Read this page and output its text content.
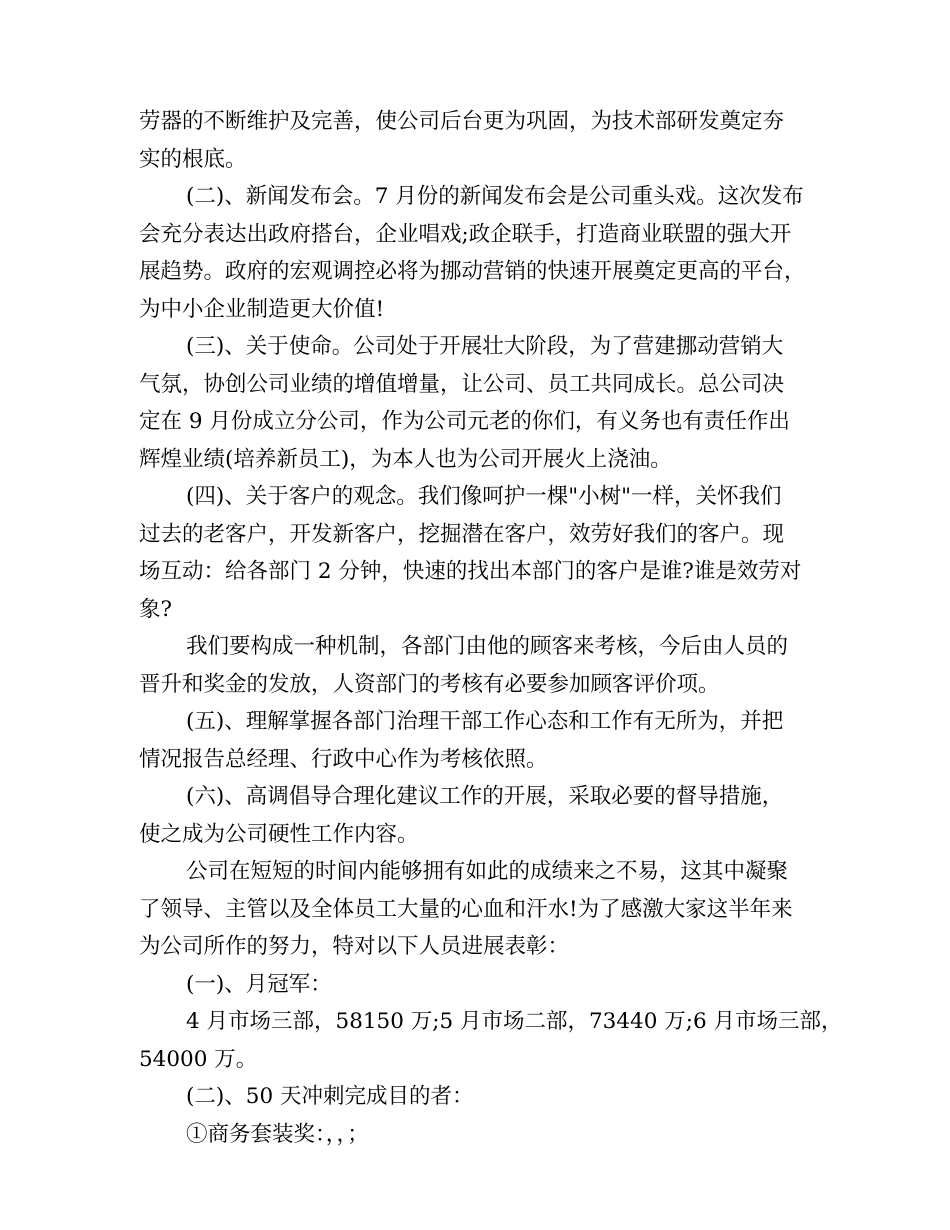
劳器的不断维护及完善，使公司后台更为巩固，为技术部研发奠定夯
实的根底。
(二)、新闻发布会。7 月份的新闻发布会是公司重头戏。这次发布
会充分表达出政府搭台，企业唱戏;政企联手，打造商业联盟的强大开
展趋势。政府的宏观调控必将为挪动营销的快速开展奠定更高的平台，
为中小企业制造更大价值!
(三)、关于使命。公司处于开展壮大阶段，为了营建挪动营销大
气氛，协创公司业绩的增值增量，让公司、员工共同成长。总公司决
定在 9 月份成立分公司，作为公司元老的你们，有义务也有责任作出
辉煌业绩(培养新员工)，为本人也为公司开展火上浇油。
(四)、关于客户的观念。我们像呵护一棵"小树"一样，关怀我们
过去的老客户，开发新客户，挖掘潜在客户，效劳好我们的客户。现
场互动：给各部门 2 分钟，快速的找出本部门的客户是谁?谁是效劳对
象?
我们要构成一种机制，各部门由他的顾客来考核，今后由人员的
晋升和奖金的发放，人资部门的考核有必要参加顾客评价项。
(五)、理解掌握各部门治理干部工作心态和工作有无所为，并把
情况报告总经理、行政中心作为考核依照。
(六)、高调倡导合理化建议工作的开展，采取必要的督导措施，
使之成为公司硬性工作内容。
公司在短短的时间内能够拥有如此的成绩来之不易，这其中凝聚
了领导、主管以及全体员工大量的心血和汗水!为了感激大家这半年来
为公司所作的努力，特对以下人员进展表彰：
(一)、月冠军：
4 月市场三部，58150 万;5 月市场二部，73440 万;6 月市场三部，
54000 万。
(二)、50 天冲刺完成目的者：
①商务套装奖：，，；
